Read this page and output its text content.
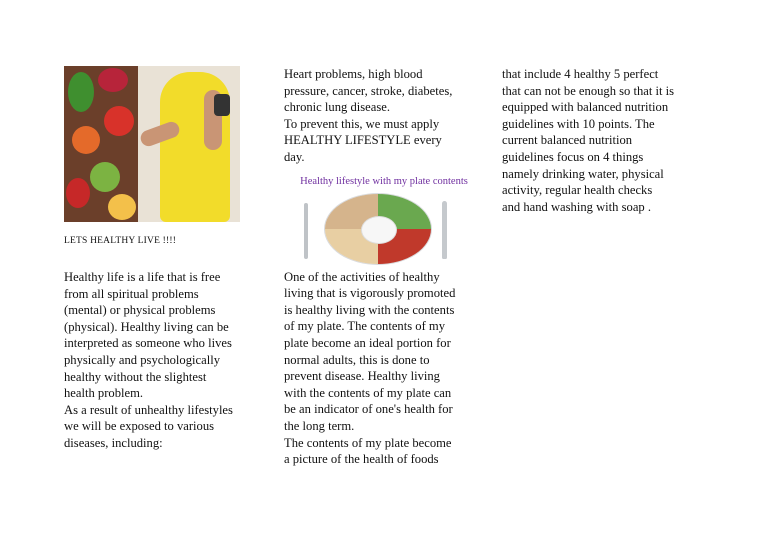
LETS HEALTHY LIVE !!!!

Healthy life is a life that is free
from all spiritual problems
(mental) or physical problems
(physical). Healthy living can be
interpreted as someone who lives
physically and psychologically
healthy without the slightest
health problem.
As a result of unhealthy lifestyles
we will be exposed to various
diseases, including:

Heart problems, high blood
pressure, cancer, stroke, diabetes,
chronic lung disease.
To prevent this, we must apply
HEALTHY LIFESTYLE every
day.

Healthy lifestyle with my plate contents

One of the activities of healthy
living that is vigorously promoted
is healthy living with the contents
of my plate. The contents of my
plate become an ideal portion for
normal adults, this is done to
prevent disease. Healthy living
with the contents of my plate can
be an indicator of one's health for
the long term.
The contents of my plate become
a picture of the health of foods

that include 4 healthy 5 perfect
that can not be enough so that it is
equipped with balanced nutrition
guidelines with 10 points. The
current balanced nutrition
guidelines focus on 4 things
namely drinking water, physical
activity, regular health checks
and hand washing with soap .
